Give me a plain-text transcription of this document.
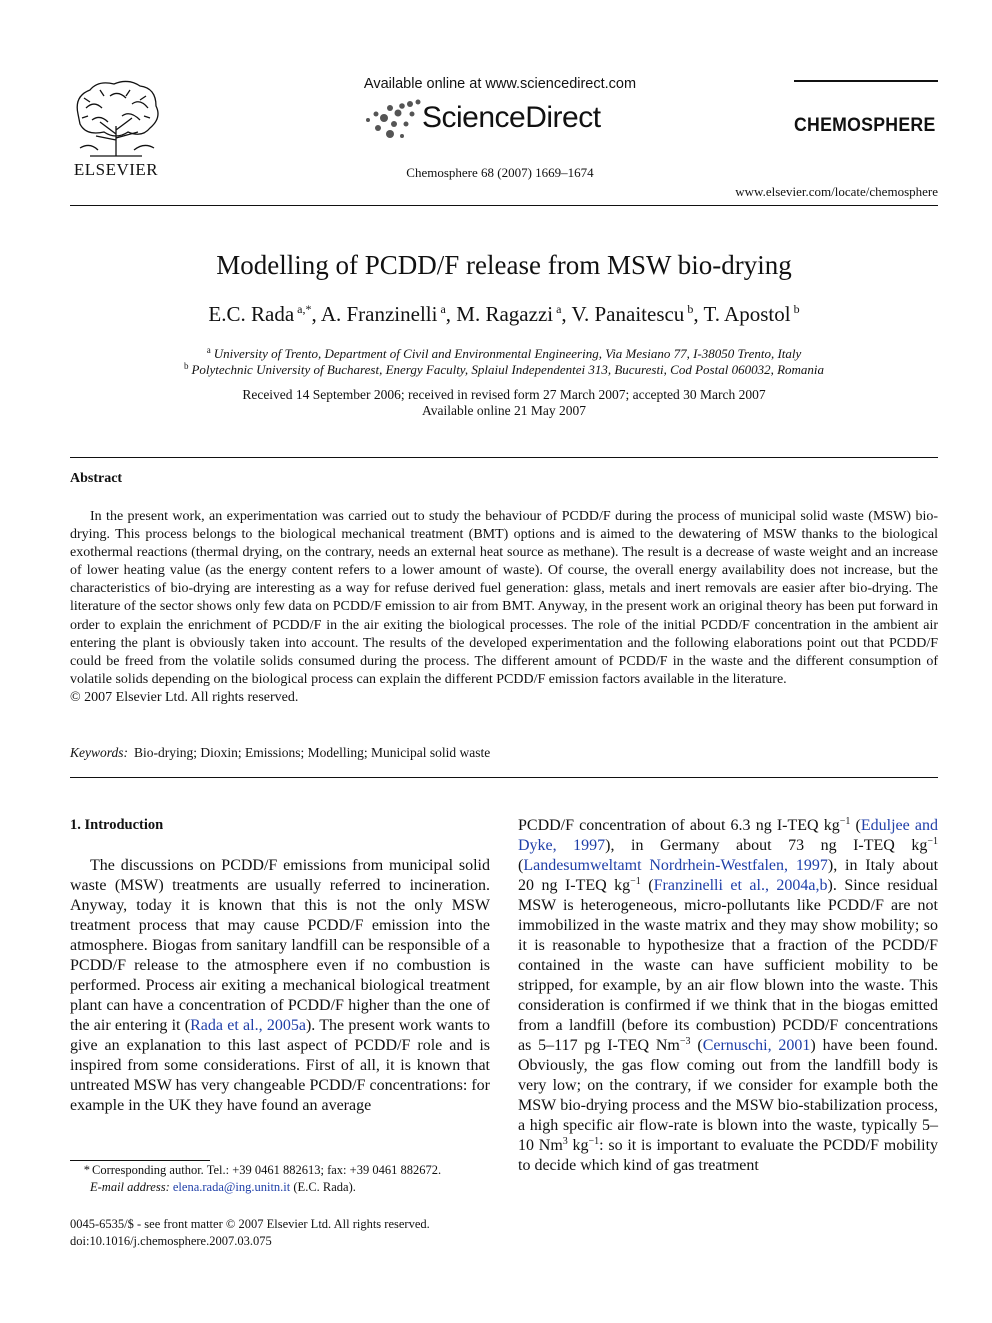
ELSEVIER
Available online at www.sciencedirect.com
ScienceDirect
Chemosphere 68 (2007) 1669–1674
CHEMOSPHERE
www.elsevier.com/locate/chemosphere
Modelling of PCDD/F release from MSW bio-drying
E.C. Rada $^{a,*}$, A. Franzinelli $^a$, M. Ragazzi $^a$, V. Panaitescu $^b$, T. Apostol $^b$
$^a$ University of Trento, Department of Civil and Environmental Engineering, Via Mesiano 77, I-38050 Trento, Italy
$^b$ Polytechnic University of Bucharest, Energy Faculty, Splaiul Independentei 313, Bucuresti, Cod Postal 060032, Romania
Received 14 September 2006; received in revised form 27 March 2007; accepted 30 March 2007
Available online 21 May 2007
Abstract
In the present work, an experimentation was carried out to study the behaviour of PCDD/F during the process of municipal solid waste (MSW) bio-drying. This process belongs to the biological mechanical treatment (BMT) options and is aimed to the dewatering of MSW thanks to the biological exothermal reactions (thermal drying, on the contrary, needs an external heat source as methane). The result is a decrease of waste weight and an increase of lower heating value (as the energy content refers to a lower amount of waste). Of course, the overall energy availability does not increase, but the characteristics of bio-drying are interesting as a way for refuse derived fuel generation: glass, metals and inert removals are easier after bio-drying. The literature of the sector shows only few data on PCDD/F emission to air from BMT. Anyway, in the present work an original theory has been put forward in order to explain the enrichment of PCDD/F in the air exiting the biological processes. The role of the initial PCDD/F concentration in the ambient air entering the plant is obviously taken into account. The results of the developed experimentation and the following elaborations point out that PCDD/F could be freed from the volatile solids consumed during the process. The different amount of PCDD/F in the waste and the different consumption of volatile solids depending on the biological process can explain the different PCDD/F emission factors available in the literature.
© 2007 Elsevier Ltd. All rights reserved.
Keywords: Bio-drying; Dioxin; Emissions; Modelling; Municipal solid waste
1. Introduction
The discussions on PCDD/F emissions from municipal solid waste (MSW) treatments are usually referred to incineration. Anyway, today it is known that this is not the only MSW treatment process that may cause PCDD/F emission into the atmosphere. Biogas from sanitary landfill can be responsible of a PCDD/F release to the atmosphere even if no combustion is performed. Process air exiting a mechanical biological treatment plant can have a concentration of PCDD/F higher than the one of the air entering it (Rada et al., 2005a). The present work wants to give an explanation to this last aspect of PCDD/F role and is inspired from some considerations. First of all, it is known that untreated MSW has very changeable PCDD/F concentrations: for example in the UK they have found an average
PCDD/F concentration of about 6.3 ng I-TEQ $kg^{-1}$ (Eduljee and Dyke, 1997), in Germany about 73 ng I-TEQ $kg^{-1}$ (Landesumweltamt Nordrhein-Westfalen, 1997), in Italy about 20 ng I-TEQ $kg^{-1}$ (Franzinelli et al., 2004a,b). Since residual MSW is heterogeneous, micro-pollutants like PCDD/F are not immobilized in the waste matrix and they may show mobility; so it is reasonable to hypothesize that a fraction of the PCDD/F contained in the waste can have sufficient mobility to be stripped, for example, by an air flow blown into the waste. This consideration is confirmed if we think that in the biogas emitted from a landfill (before its combustion) PCDD/F concentrations as 5–117 pg I-TEQ $Nm^{-3}$ (Cernuschi, 2001) have been found. Obviously, the gas flow coming out from the landfill body is very low; on the contrary, if we consider for example both the MSW bio-drying process and the MSW bio-stabilization process, a high specific air flow-rate is blown into the waste, typically 5–10 Nm$^3$ $kg^{-1}$: so it is important to evaluate the PCDD/F mobility to decide which kind of gas treatment
* Corresponding author. Tel.: +39 0461 882613; fax: +39 0461 882672.
E-mail address: elena.rada@ing.unitn.it (E.C. Rada).
0045-6535/$ - see front matter © 2007 Elsevier Ltd. All rights reserved.
doi:10.1016/j.chemosphere.2007.03.075
